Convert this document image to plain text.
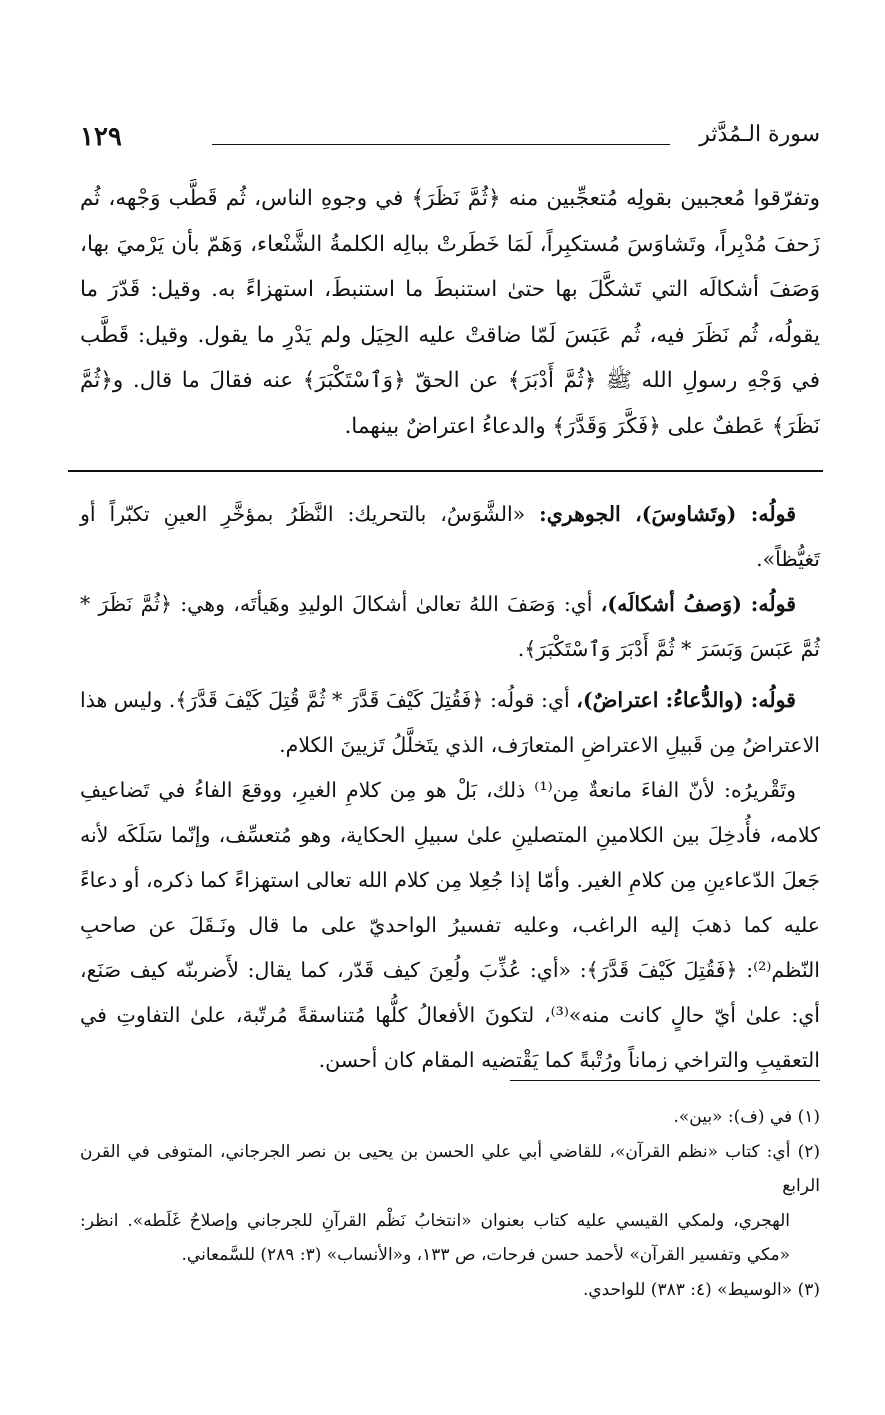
١٢٩	سورة الـمُدَّثر
وتفرّقوا مُعجبين بقولِه مُتعجِّبين منه ﴿ثُمَّ نَظَرَ﴾ في وجوهِ الناس، ثُم قَطَّب وَجْهه، ثُم زَحفَ مُدْبِراً، وتَشاوَسَ مُستكبِراً، لَمَا خَطَرتْ ببالِه الكلمةُ الشَّنْعاء، وَهَمّ بأن يَرْميَ بها، وَصَفَ أشكالَه التي تَشكَّلَ بها حتىٰ استنبطَ ما استنبطَ، استهزاءً به. وقيل: قَدّرَ ما يقولُه، ثُم نَظَرَ فيه، ثُم عَبَسَ لَمّا ضاقتْ عليه الحِيَل ولم يَدْرِ ما يقول. وقيل: قَطَّب في وَجْهِ رسولِ الله ﷺ ﴿ثُمَّ أَدْبَرَ﴾ عن الحقّ ﴿وَٱسْتَكْبَرَ﴾ عنه فقالَ ما قال. و﴿ثُمَّ نَظَرَ﴾ عَطفٌ على ﴿فَكَّرَ وَقَدَّرَ﴾ والدعاءُ اعتراضٌ بينهما.

قولُه: (وتَشاوسَ)، الجوهري: «الشَّوَسُ، بالتحريك: النَّظَرُ بمؤخَّرِ العينِ تكبّراً أو تَغيُّظاً».

قولُه: (وَصفُ أشكالَه)، أي: وَصَفَ اللهُ تعالىٰ أشكالَ الوليدِ وهَيأتَه، وهي: ﴿ثُمَّ نَظَرَ * ثُمَّ عَبَسَ وَبَسَرَ * ثُمَّ أَدْبَرَ وَٱسْتَكْبَرَ﴾.

قولُه: (والدُّعاءُ: اعتراضٌ)، أي: قولُه: ﴿فَقُتِلَ كَيْفَ قَدَّرَ * ثُمَّ قُتِلَ كَيْفَ قَدَّرَ﴾. وليس هذا الاعتراضُ مِن قَبيلِ الاعتراضِ المتعارَف، الذي يتَخلَّلُ تَزيينَ الكلام.

وتَقْريرُه: لأنّ الفاءَ مانعةٌ مِن⁽¹⁾ ذلك، بَلْ هو مِن كلامِ الغيرِ، ووقعَ الفاءُ في تَضاعيفِ كلامه، فأُدخِلَ بين الكلامينِ المتصلينِ علىٰ سبيلِ الحكاية، وهو مُتعسِّف، وإنّما سَلَكَه لأنه جَعلَ الدّعاءينِ مِن كلامِ الغير. وأمّا إذا جُعِلا مِن كلام الله تعالى استهزاءً كما ذكره، أو دعاءً عليه كما ذهبَ إليه الراغب، وعليه تفسيرُ الواحديّ على ما قال ونَـقَلَ عن صاحبِ النّظم⁽²⁾: ﴿فَقُتِلَ كَيْفَ قَدَّرَ﴾: «أي: عُذِّبَ ولُعِنَ كيف قَدّر، كما يقال: لأَضربنّه كيف صَنَع، أي: علىٰ أيّ حالٍ كانت منه»⁽³⁾، لتكونَ الأفعالُ كلُّها مُتناسقةً مُرتّبة، علىٰ التفاوتِ في التعقيبِ والتراخي زماناً ورُتْبةً كما يَقْتضيه المقام كان أحسن.

(١) في (ف): «بين».

(٢) أي: كتاب «نظم القرآن»، للقاضي أبي علي الحسن بن يحيى بن نصر الجرجاني، المتوفى في القرن الرابع

الهجري، ولمكي القيسي عليه كتاب بعنوان «انتخابُ نَظْم القرآنِ للجرجاني وإصلاحُ غَلَطه». انظر: «مكي وتفسير القرآن» لأحمد حسن فرحات، ص ١٣٣، و«الأنساب» (٣: ٢٨٩) للسَّمعاني.

(٣) «الوسيط» (٤: ٣٨٣) للواحدي.
